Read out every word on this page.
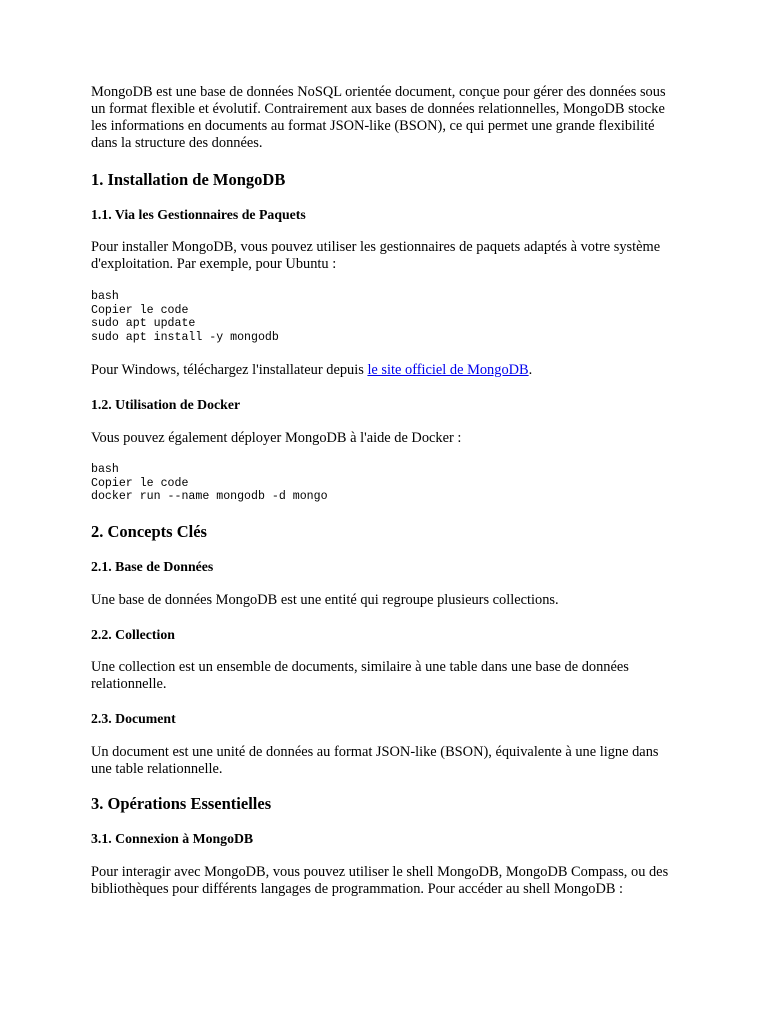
MongoDB est une base de données NoSQL orientée document, conçue pour gérer des données sous un format flexible et évolutif. Contrairement aux bases de données relationnelles, MongoDB stocke les informations en documents au format JSON-like (BSON), ce qui permet une grande flexibilité dans la structure des données.

1. Installation de MongoDB
1.1. Via les Gestionnaires de Paquets

Pour installer MongoDB, vous pouvez utiliser les gestionnaires de paquets adaptés à votre système d'exploitation. Par exemple, pour Ubuntu :

bash
Copier le code
sudo apt update
sudo apt install -y mongodb

Pour Windows, téléchargez l'installateur depuis le site officiel de MongoDB.

1.2. Utilisation de Docker

Vous pouvez également déployer MongoDB à l'aide de Docker :

bash
Copier le code
docker run --name mongodb -d mongo
2. Concepts Clés
2.1. Base de Données

Une base de données MongoDB est une entité qui regroupe plusieurs collections.

2.2. Collection

Une collection est un ensemble de documents, similaire à une table dans une base de données relationnelle.

2.3. Document

Un document est une unité de données au format JSON-like (BSON), équivalente à une ligne dans une table relationnelle.

3. Opérations Essentielles
3.1. Connexion à MongoDB

Pour interagir avec MongoDB, vous pouvez utiliser le shell MongoDB, MongoDB Compass, ou des bibliothèques pour différents langages de programmation. Pour accéder au shell MongoDB :
